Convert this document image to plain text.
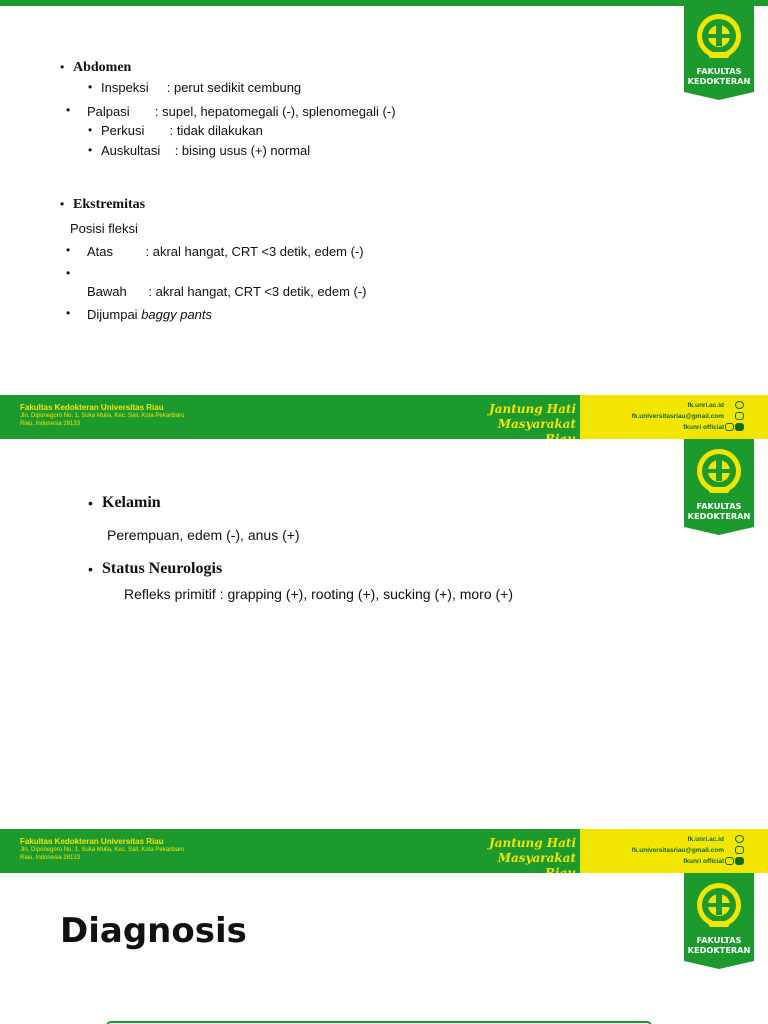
FAKULTAS
KEDOKTERAN
• Abdomen
• Inspeksi     : perut sedikit cembung
• Palpasi       : supel, hepatomegali (-), splenomegali (-)
• Perkusi       : tidak dilakukan
• Auskultasi    : bising usus (+) normal
• Ekstremitas
Posisi fleksi
• Atas         : akral hangat, CRT <3 detik, edem (-)
•
Bawah      : akral hangat, CRT <3 detik, edem (-)
• Dijumpai baggy pants
Fakultas Kedokteran Universitas Riau
Jln. Diponegoro No. 1, Suka Mulia, Kec. Sail, Kota Pekanbaru
Riau, Indonesia 28133
Jantung Hati
Masyarakat
fk.unri.ac.id
fk.universitasriau@gmail.com
fkunri official
FAKULTAS
KEDOKTERAN
• Kelamin
Perempuan, edem (-), anus (+)
• Status Neurologis
Refleks primitif : grapping (+), rooting (+), sucking (+), moro (+)
Fakultas Kedokteran Universitas Riau
Jln. Diponegoro No. 1, Suka Mulia, Kec. Sail, Kota Pekanbaru
Riau, Indonesia 28133
Jantung Hati
Masyarakat
fk.unri.ac.id
fk.universitasriau@gmail.com
fkunri official
FAKULTAS
KEDOKTERAN
Diagnosis
